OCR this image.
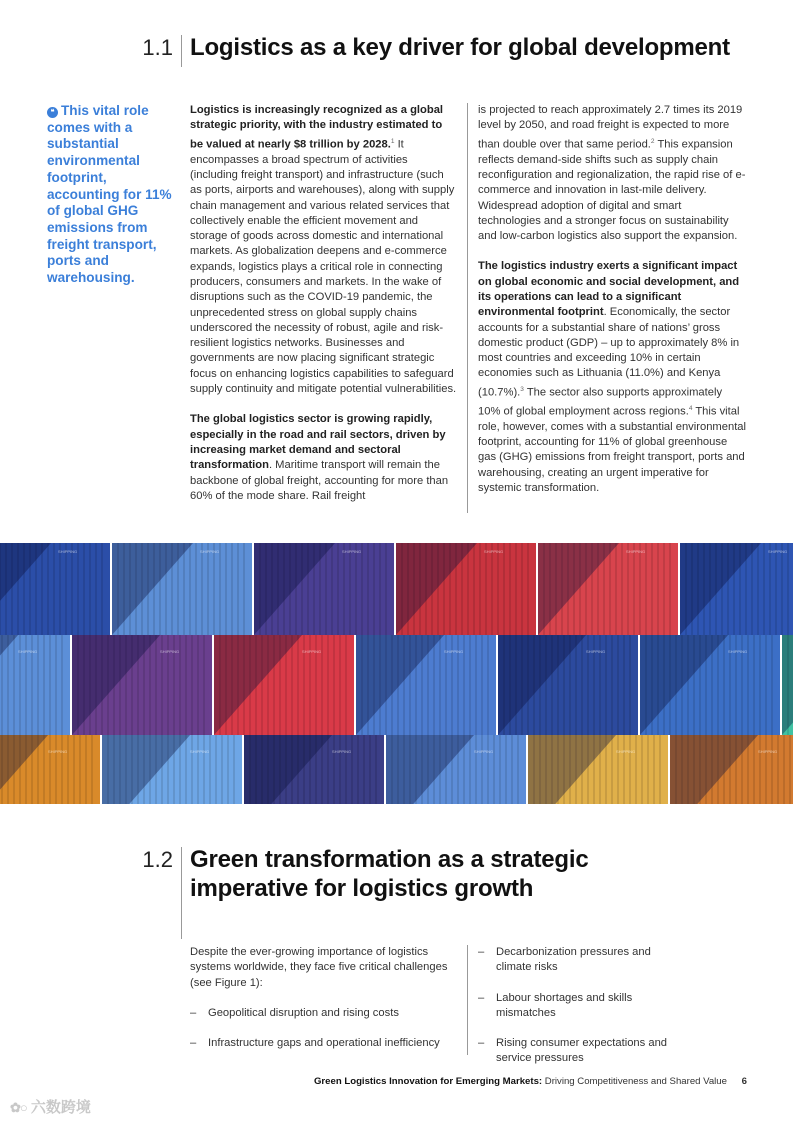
1.1 Logistics as a key driver for global development
❝ This vital role comes with a substantial environmental footprint, accounting for 11% of global GHG emissions from freight transport, ports and warehousing.

Logistics is increasingly recognized as a global strategic priority, with the industry estimated to be valued at nearly $8 trillion by 2028.$^1$ It encompasses a broad spectrum of activities (including freight transport) and infrastructure (such as ports, airports and warehouses), along with supply chain management and various related services that collectively enable the efficient movement and storage of goods across domestic and international markets. As globalization deepens and e-commerce expands, logistics plays a critical role in connecting producers, consumers and markets. In the wake of disruptions such as the COVID-19 pandemic, the unprecedented stress on global supply chains underscored the necessity of robust, agile and risk-resilient logistics networks. Businesses and governments are now placing significant strategic focus on enhancing logistics capabilities to safeguard supply continuity and mitigate potential vulnerabilities.

The global logistics sector is growing rapidly, especially in the road and rail sectors, driven by increasing market demand and sectoral transformation. Maritime transport will remain the backbone of global freight, accounting for more than 60% of the mode share. Rail freight

is projected to reach approximately 2.7 times its 2019 level by 2050, and road freight is expected to more than double over that same period.$^2$ This expansion reflects demand-side shifts such as supply chain reconfiguration and regionalization, the rapid rise of e-commerce and innovation in last-mile delivery. Widespread adoption of digital and smart technologies and a stronger focus on sustainability and low-carbon logistics also support the expansion.

The logistics industry exerts a significant impact on global economic and social development, and its operations can lead to a significant environmental footprint. Economically, the sector accounts for a substantial share of nations’ gross domestic product (GDP) – up to approximately 8% in most countries and exceeding 10% in certain economies such as Lithuania (11.0%) and Kenya (10.7%).$^3$ The sector also supports approximately 10% of global employment across regions.$^4$ This vital role, however, comes with a substantial environmental footprint, accounting for 11% of global greenhouse gas (GHG) emissions from freight transport, ports and warehousing, creating an urgent imperative for systemic transformation.

SHIPPING	SHIPPING	SHIPPING	SHIPPING	SHIPPING	SHIPPING
SHIPPING	SHIPPING	SHIPPING	SHIPPING	SHIPPING	SHIPPING
SHIPPING	SHIPPING	SHIPPING	SHIPPING	SHIPPING	SHIPPING
1.2 Green transformation as a strategic
imperative for logistics growth
Despite the ever-growing importance of logistics systems worldwide, they face five critical challenges (see Figure 1):
– Geopolitical disruption and rising costs
– Infrastructure gaps and operational inefficiency
– Decarbonization pressures and climate risks
– Labour shortages and skills mismatches
– Rising consumer expectations and service pressures
Green Logistics Innovation for Emerging Markets: Driving Competitiveness and Shared Value 6
✿○ 六数跨境
